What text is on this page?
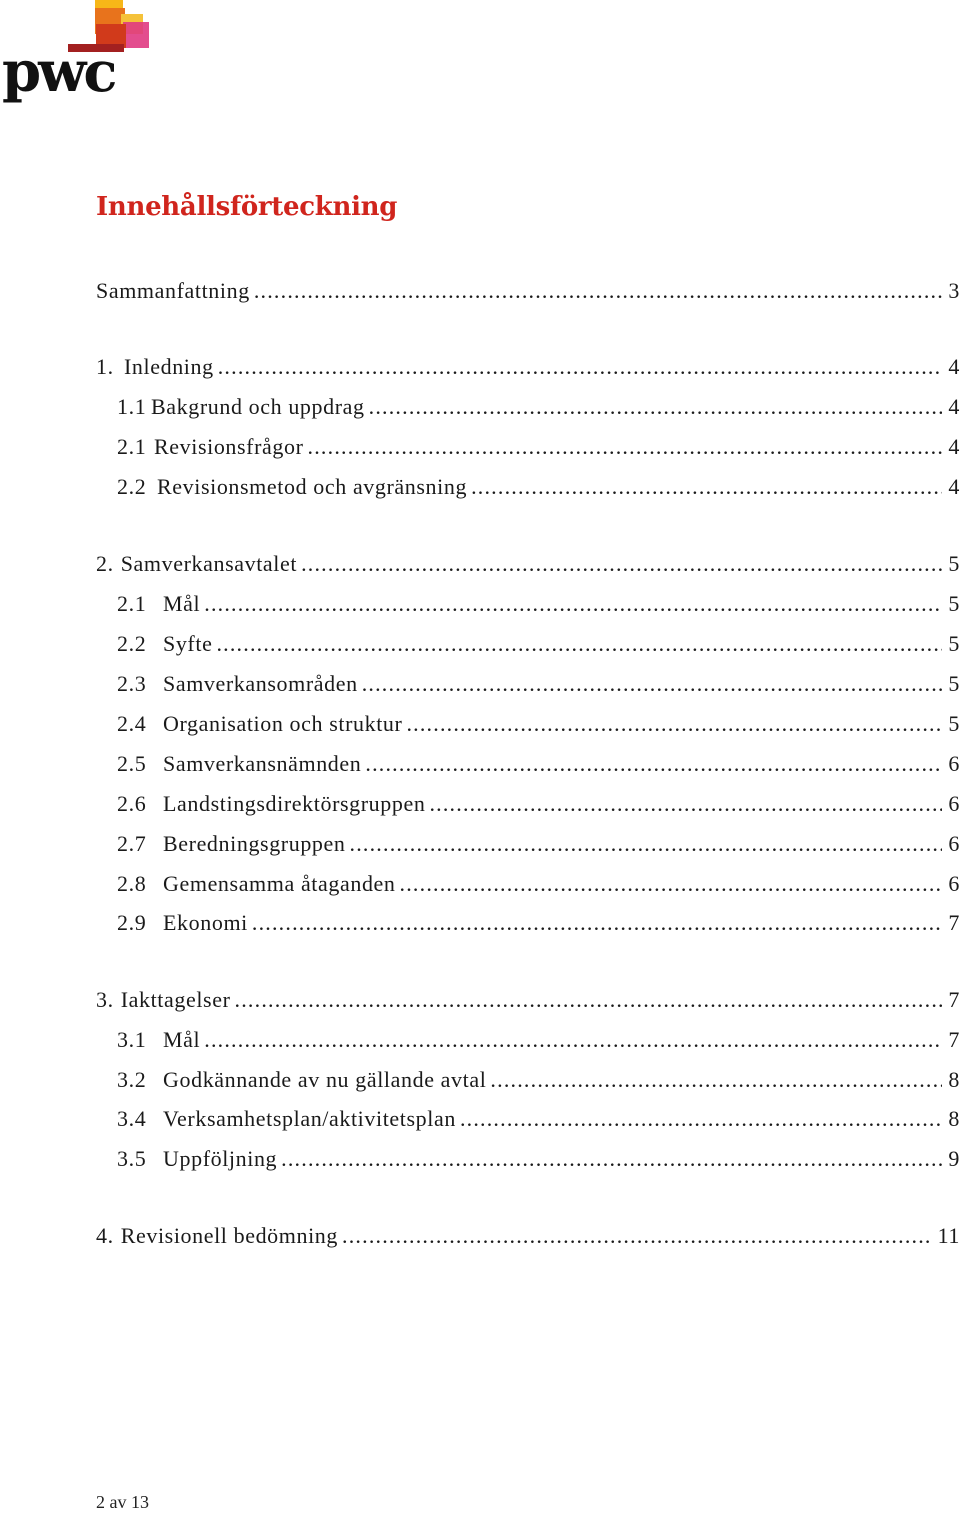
pwc
Innehållsförteckning
Sammanfattning .....	3
1. Inledning .....	4
1.1 Bakgrund och uppdrag .....	4
2.1 Revisionsfrågor .....	4
2.2 Revisionsmetod och avgränsning .....	4
2. Samverkansavtalet .....	5
2.1 Mål .....	5
2.2 Syfte .....	5
2.3 Samverkansområden .....	5
2.4 Organisation och struktur .....	5
2.5 Samverkansnämnden .....	6
2.6 Landstingsdirektörsgruppen .....	6
2.7 Beredningsgruppen .....	6
2.8 Gemensamma åtaganden .....	6
2.9 Ekonomi .....	7
3. Iakttagelser .....	7
3.1 Mål .....	7
3.2 Godkännande av nu gällande avtal .....	8
3.4 Verksamhetsplan/aktivitetsplan .....	8
3.5 Uppföljning .....	9
4. Revisionell bedömning .....	11
2 av 13
